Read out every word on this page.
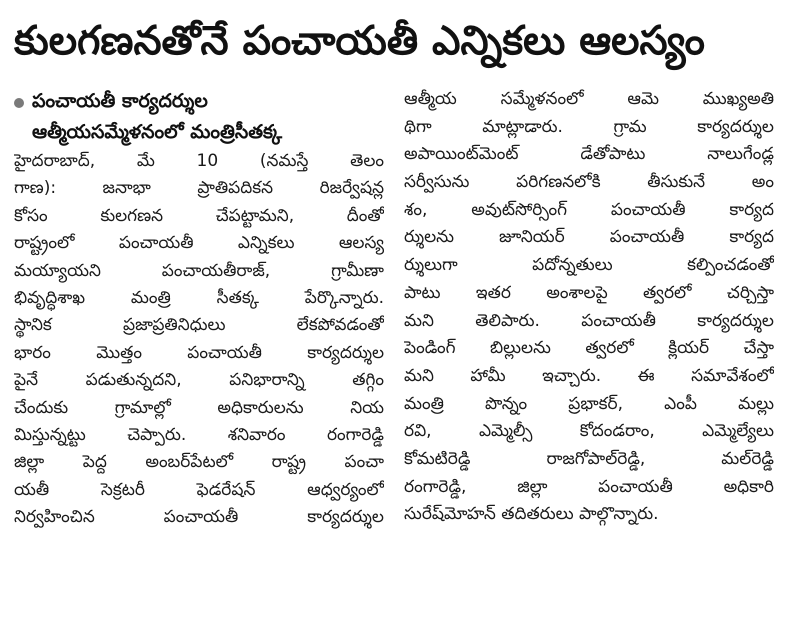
కులగణనతోనే పంచాయతీ ఎన్నికలు ఆలస్యం
పంచాయతీ కార్యదర్శుల
ఆత్మీయసమ్మేళనంలో మంత్రిసీతక్క
హైదరాబాద్, మే 10 (నమస్తే తెలం
గాణ): జనాభా ప్రాతిపదికన రిజర్వేషన్ల
కోసం కులగణన చేపట్టామని, దీంతో
రాష్ట్రంలో పంచాయతీ ఎన్నికలు ఆలస్య
మయ్యాయని పంచాయతీరాజ్, గ్రామీణా
భివృద్ధిశాఖ మంత్రి సీతక్క పేర్కొన్నారు.
స్థానిక ప్రజాప్రతినిధులు లేకపోవడంతో
భారం మొత్తం పంచాయతీ కార్యదర్శుల
పైనే పడుతున్నదని, పనిభారాన్ని తగ్గిం
చేందుకు గ్రామాల్లో అధికారులను నియ
మిస్తున్నట్టు చెప్పారు. శనివారం రంగారెడ్డి
జిల్లా పెద్ద అంబర్‌పేటలో రాష్ట్ర పంచా
యతీ సెక్రటరీ ఫెడరేషన్ ఆధ్వర్యంలో
నిర్వహించిన పంచాయతీ కార్యదర్శుల
ఆత్మీయ సమ్మేళనంలో ఆమె ముఖ్యఅతి
థిగా మాట్లాడారు. గ్రామ కార్యదర్శుల
అపాయింట్‌మెంట్ డేతోపాటు నాలుగేండ్ల
సర్వీసును పరిగణనలోకి తీసుకునే అం
శం, అవుట్‌సోర్సింగ్ పంచాయతీ కార్యద
ర్శులను జూనియర్ పంచాయతీ కార్యద
ర్శులుగా పదోన్నతులు కల్పించడంతో
పాటు ఇతర అంశాలపై త్వరలో చర్చిస్తా
మని తెలిపారు. పంచాయతీ కార్యదర్శుల
పెండింగ్ బిల్లులను త్వరలో క్లియర్ చేస్తా
మని హామీ ఇచ్చారు. ఈ సమావేశంలో
మంత్రి పొన్నం ప్రభాకర్, ఎంపీ మల్లు
రవి, ఎమ్మెల్సీ కోదండరాం, ఎమ్మెల్యేలు
కోమటిరెడ్డి రాజగోపాల్‌రెడ్డి, మల్‌రెడ్డి
రంగారెడ్డి, జిల్లా పంచాయతీ అధికారి
సురేష్‌మోహన్ తదితరులు పాల్గొన్నారు.
